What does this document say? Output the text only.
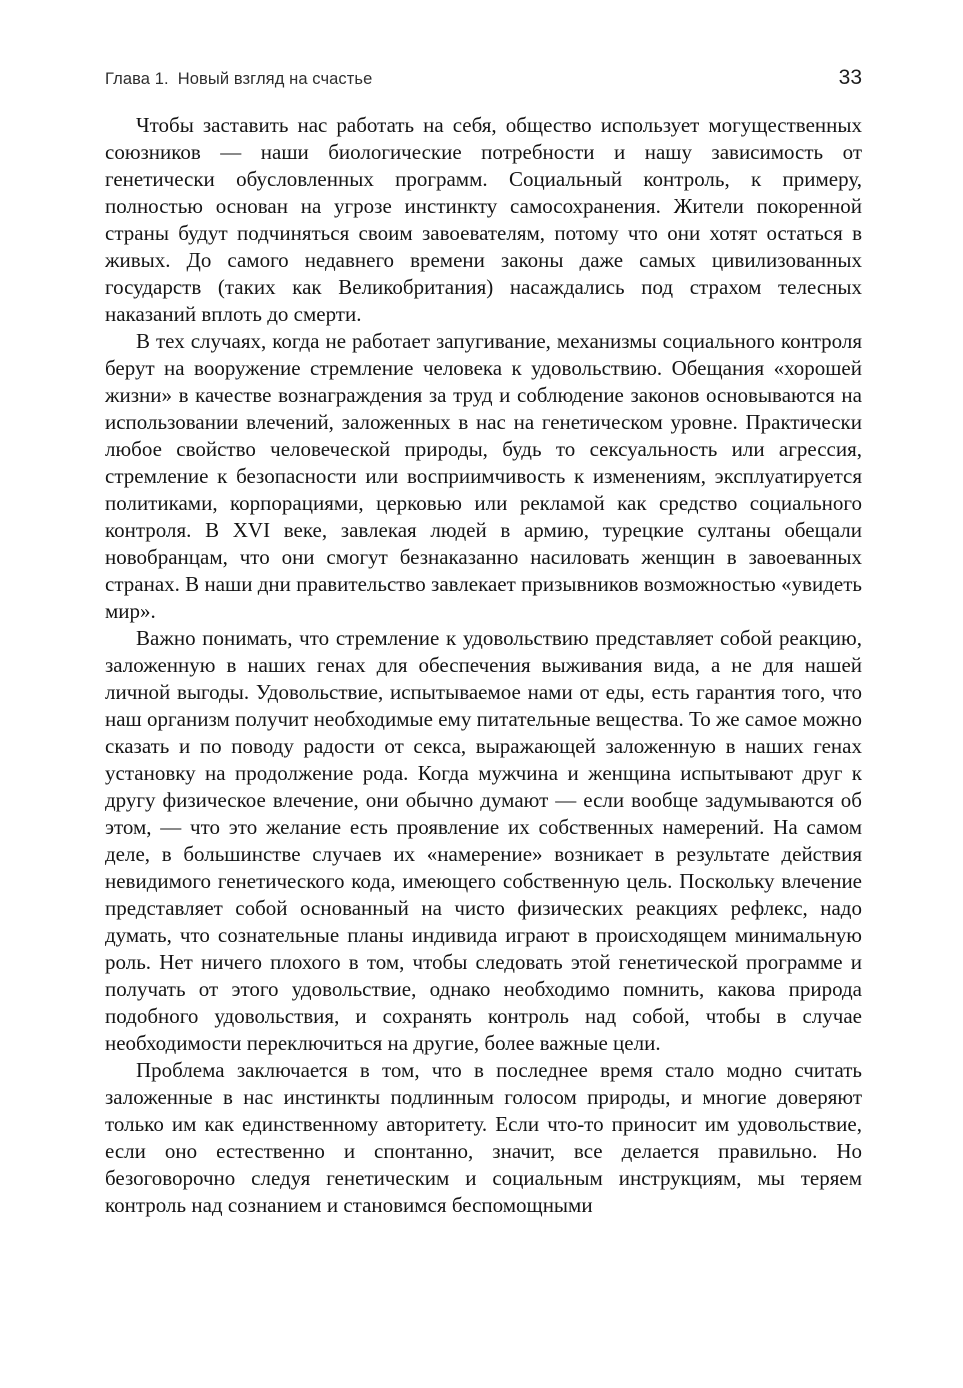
Глава 1. Новый взгляд на счастье	33

Чтобы заставить нас работать на себя, общество использует могущественных союзников — наши биологические потребности и нашу зависимость от генетически обусловленных программ. Социальный контроль, к примеру, полностью основан на угрозе инстинкту самосохранения. Жители покоренной страны будут подчиняться своим завоевателям, потому что они хотят остаться в живых. До самого недавнего времени законы даже самых цивилизованных государств (таких как Великобритания) насаждались под страхом телесных наказаний вплоть до смерти.

В тех случаях, когда не работает запугивание, механизмы социального контроля берут на вооружение стремление человека к удовольствию. Обещания «хорошей жизни» в качестве вознаграждения за труд и соблюдение законов основываются на использовании влечений, заложенных в нас на генетическом уровне. Практически любое свойство человеческой природы, будь то сексуальность или агрессия, стремление к безопасности или восприимчивость к изменениям, эксплуатируется политиками, корпорациями, церковью или рекламой как средство социального контроля. В XVI веке, завлекая людей в армию, турецкие султаны обещали новобранцам, что они смогут безнаказанно насиловать женщин в завоеванных странах. В наши дни правительство завлекает призывников возможностью «увидеть мир».

Важно понимать, что стремление к удовольствию представляет собой реакцию, заложенную в наших генах для обеспечения выживания вида, а не для нашей личной выгоды. Удовольствие, испытываемое нами от еды, есть гарантия того, что наш организм получит необходимые ему питательные вещества. То же самое можно сказать и по поводу радости от секса, выражающей заложенную в наших генах установку на продолжение рода. Когда мужчина и женщина испытывают друг к другу физическое влечение, они обычно думают — если вообще задумываются об этом, — что это желание есть проявление их собственных намерений. На самом деле, в большинстве случаев их «намерение» возникает в результате действия невидимого генетического кода, имеющего собственную цель. Поскольку влечение представляет собой основанный на чисто физических реакциях рефлекс, надо думать, что сознательные планы индивида играют в происходящем минимальную роль. Нет ничего плохого в том, чтобы следовать этой генетической программе и получать от этого удовольствие, однако необходимо помнить, какова природа подобного удовольствия, и сохранять контроль над собой, чтобы в случае необходимости переключиться на другие, более важные цели.

Проблема заключается в том, что в последнее время стало модно считать заложенные в нас инстинкты подлинным голосом природы, и многие доверяют только им как единственному авторитету. Если что-то приносит им удовольствие, если оно естественно и спонтанно, значит, все делается правильно. Но безоговорочно следуя генетическим и социальным инструкциям, мы теряем контроль над сознанием и становимся беспомощными
